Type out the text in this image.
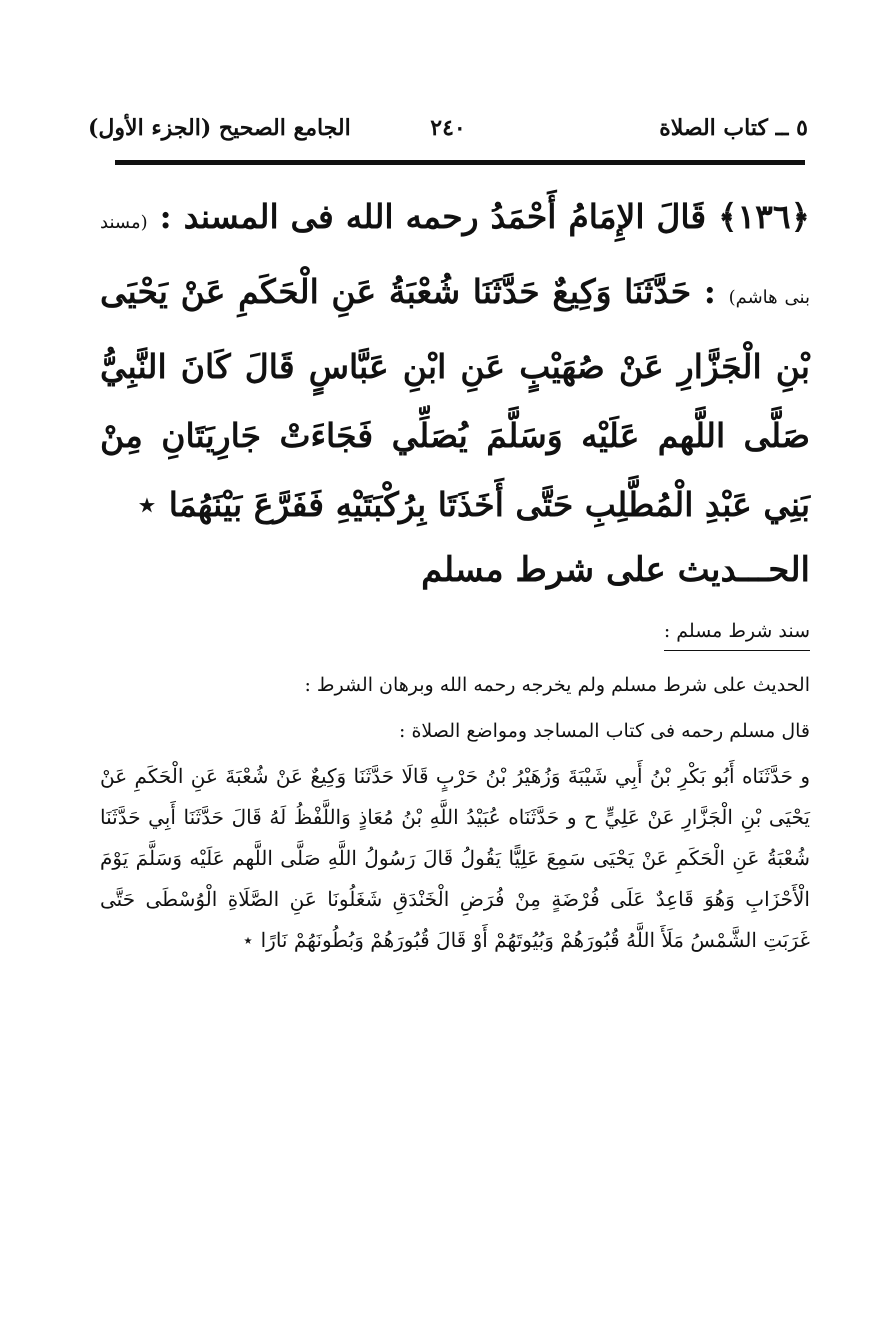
٥ ــ كتاب الصلاة
٢٤٠
الجامع الصحيح (الجزء الأول)
﴿١٣٦﴾ قَالَ الإِمَامُ أَحْمَدُ رحمه الله فى المسند : (مسند بنى هاشم) : حَدَّثَنَا وَكِيعٌ حَدَّثَنَا شُعْبَةُ عَنِ الْحَكَمِ عَنْ يَحْيَى بْنِ الْجَزَّارِ عَنْ صُهَيْبٍ عَنِ ابْنِ عَبَّاسٍ قَالَ كَانَ النَّبِيُّ صَلَّى اللَّهم عَلَيْه وَسَلَّمَ يُصَلِّي فَجَاءَتْ جَارِيَتَانِ مِنْ بَنِي عَبْدِ الْمُطَّلِبِ حَتَّى أَخَذَتَا بِرُكْبَتَيْهِ فَفَرَّعَ بَيْنَهُمَا ⋆
الحـــديث على شرط مسلم
سند شرط مسلم :
الحديث على شرط مسلم ولم يخرجه رحمه الله وبرهان الشرط :
قال مسلم رحمه فى كتاب المساجد ومواضع الصلاة :
و حَدَّثَنَاه أَبُو بَكْرِ بْنُ أَبِي شَيْبَةَ وَزُهَيْرُ بْنُ حَرْبٍ قَالَا حَدَّثَنَا وَكِيعٌ عَنْ شُعْبَةَ عَنِ الْحَكَمِ عَنْ يَحْيَى بْنِ الْجَزَّارِ عَنْ عَلِيٍّ ح و حَدَّثَنَاه عُبَيْدُ اللَّهِ بْنُ مُعَاذٍ وَاللَّفْظُ لَهُ قَالَ حَدَّثَنَا أَبِي حَدَّثَنَا شُعْبَةُ عَنِ الْحَكَمِ عَنْ يَحْيَى سَمِعَ عَلِيًّا يَقُولُ قَالَ رَسُولُ اللَّهِ صَلَّى اللَّهم عَلَيْه وَسَلَّمَ يَوْمَ الْأَحْزَابِ وَهُوَ قَاعِدٌ عَلَى فُرْضَةٍ مِنْ فُرَضِ الْخَنْدَقِ شَغَلُونَا عَنِ الصَّلَاةِ الْوُسْطَى حَتَّى غَرَبَتِ الشَّمْسُ مَلَأَ اللَّهُ قُبُورَهُمْ وَبُيُوتَهُمْ أَوْ قَالَ قُبُورَهُمْ وَبُطُونَهُمْ نَارًا ⋆
